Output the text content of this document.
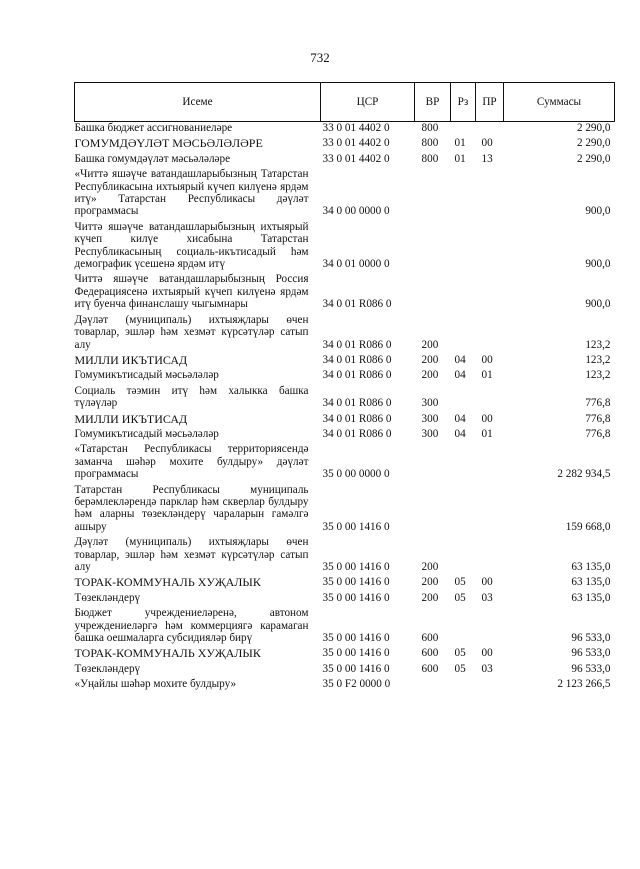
732
Исеме	ЦСР	ВР	Рз	ПР	Суммасы
Башка бюджет ассигнованиеләре	33 0 01 4402 0	800			2 290,0
ГОМУМДӘҮЛӘТ МӘСЬӘЛӘЛӘРЕ	33 0 01 4402 0	800	01	00	2 290,0
Башка гомумдәүләт мәсьәләләре	33 0 01 4402 0	800	01	13	2 290,0
«Читтә яшәүче ватандашларыбызның Татарстан Республикасына ихтыярый күчеп килүенә ярдәм итү» Татарстан Республикасы дәүләт программасы	34 0 00 0000 0				900,0
Читтә яшәүче ватандашларыбызның ихтыярый күчеп килүе хисабына Татарстан Республикасының социаль-икътисадый һәм демографик үсешенә ярдәм итү	34 0 01 0000 0				900,0
Читтә яшәүче ватандашларыбызның Россия Федерациясенә ихтыярый күчеп килүенә ярдәм итү буенча финанслашу чыгымнары	34 0 01 R086 0				900,0
Дәүләт (муниципаль) ихтыяҗлары өчен товарлар, эшләр һәм хезмәт күрсәтүләр сатып алу	34 0 01 R086 0	200			123,2
МИЛЛИ ИКЪТИСАД	34 0 01 R086 0	200	04	00	123,2
Гомумикътисадый мәсьәләләр	34 0 01 R086 0	200	04	01	123,2
Социаль тәэмин итү һәм халыкка башка түләүләр	34 0 01 R086 0	300			776,8
МИЛЛИ ИКЪТИСАД	34 0 01 R086 0	300	04	00	776,8
Гомумикътисадый мәсьәләләр	34 0 01 R086 0	300	04	01	776,8
«Татарстан Республикасы территориясендә заманча шәһәр мохите булдыру» дәүләт программасы	35 0 00 0000 0				2 282 934,5
Татарстан Республикасы муниципаль берәмлекләрендә парклар һәм скверлар булдыру һәм аларны төзекләндерү чараларын гамәлгә ашыру	35 0 00 1416 0				159 668,0
Дәүләт (муниципаль) ихтыяҗлары өчен товарлар, эшләр һәм хезмәт күрсәтүләр сатып алу	35 0 00 1416 0	200			63 135,0
ТОРАК-КОММУНАЛЬ ХУҖАЛЫК	35 0 00 1416 0	200	05	00	63 135,0
Төзекләндерү	35 0 00 1416 0	200	05	03	63 135,0
Бюджет учреждениеләренә, автоном учреждениеләргә һәм коммерциягә карамаган башка оешмаларга субсидияләр бирү	35 0 00 1416 0	600			96 533,0
ТОРАК-КОММУНАЛЬ ХУҖАЛЫК	35 0 00 1416 0	600	05	00	96 533,0
Төзекләндерү	35 0 00 1416 0	600	05	03	96 533,0
«Уңайлы шәһәр мохите булдыру»	35 0 F2 0000 0				2 123 266,5
